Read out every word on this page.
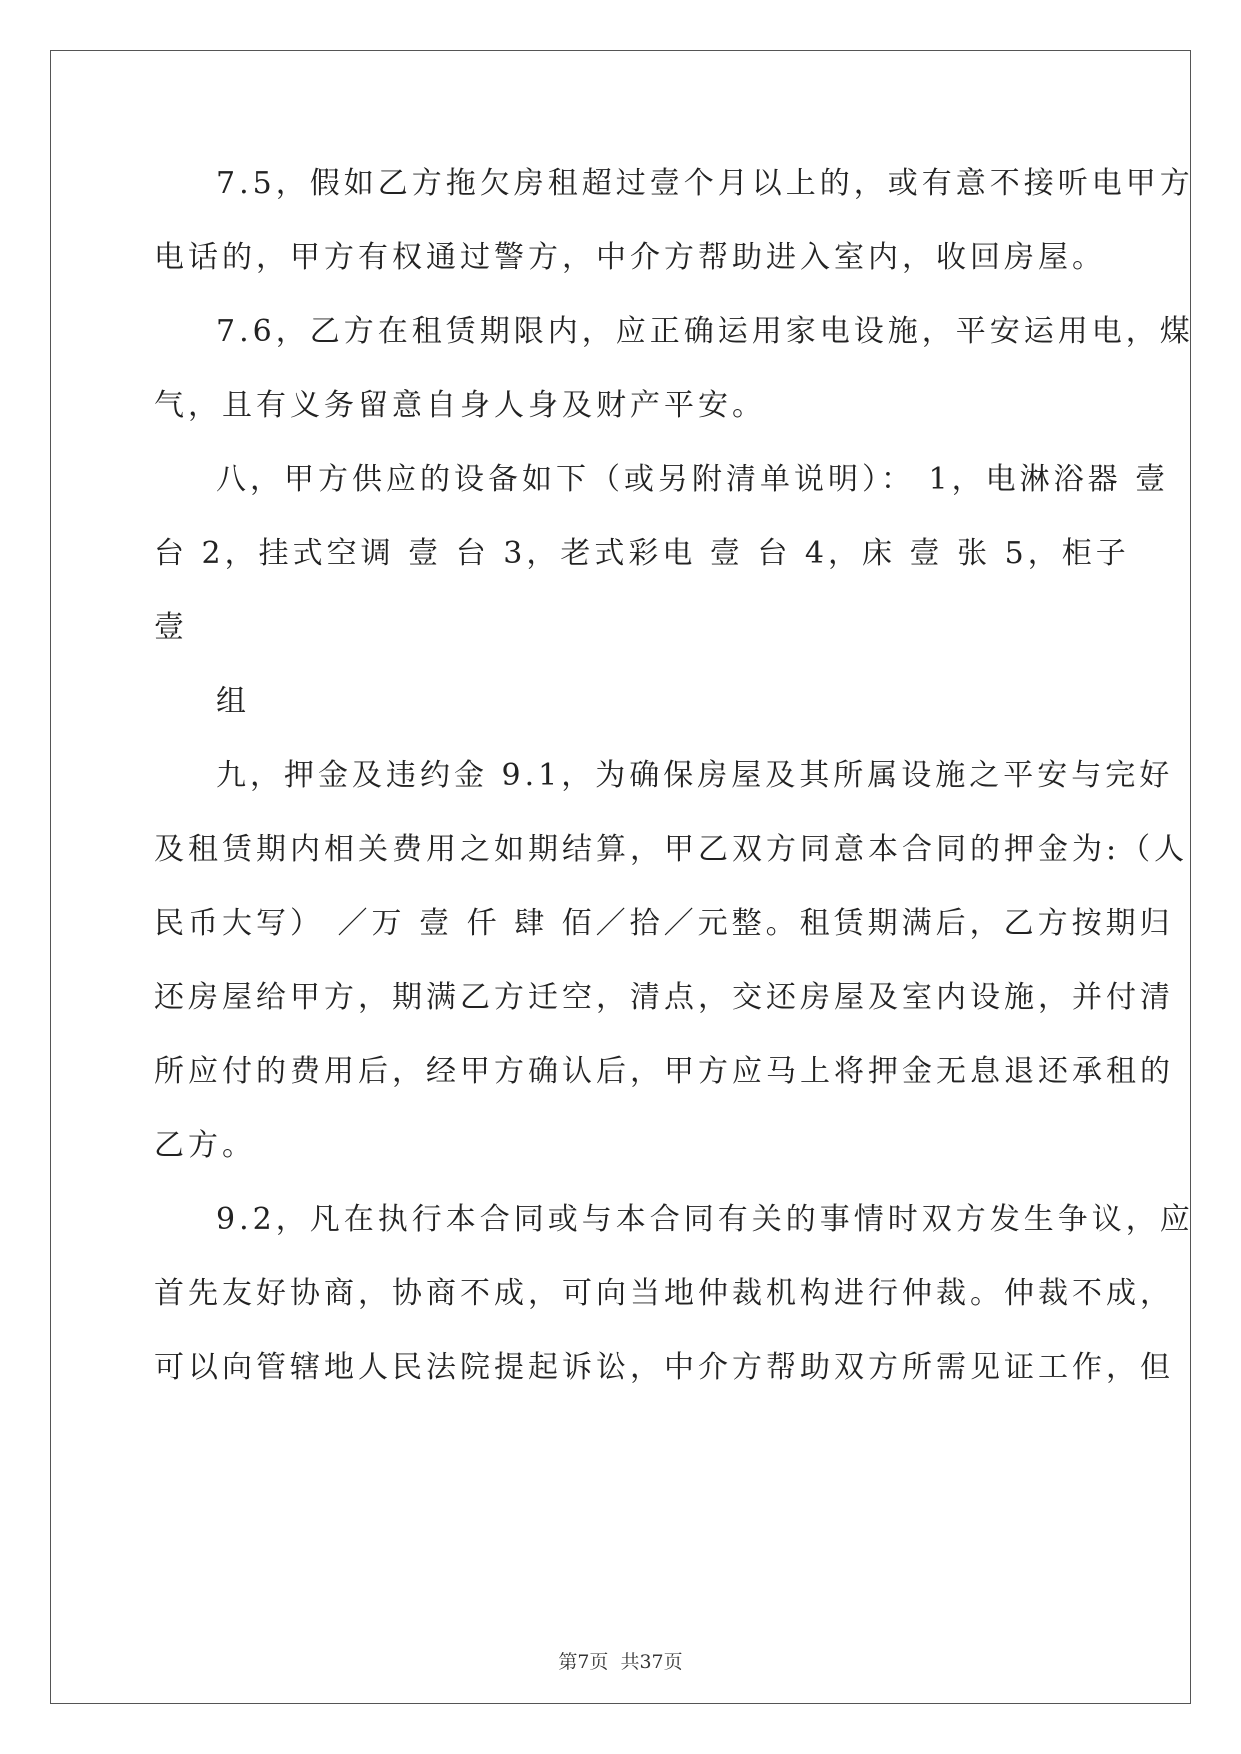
7.5，假如乙方拖欠房租超过壹个月以上的，或有意不接听电甲方
电话的，甲方有权通过警方，中介方帮助进入室内，收回房屋。
7.6，乙方在租赁期限内，应正确运用家电设施，平安运用电，煤
气，且有义务留意自身人身及财产平安。
八，甲方供应的设备如下（或另附清单说明）： 1，电淋浴器 壹
台 2，挂式空调 壹 台 3，老式彩电 壹 台 4，床 壹 张 5，柜子
壹
组
九，押金及违约金 9.1，为确保房屋及其所属设施之平安与完好
及租赁期内相关费用之如期结算，甲乙双方同意本合同的押金为:（人
民币大写） ／万 壹 仟 肆 佰／拾／元整。租赁期满后，乙方按期归
还房屋给甲方，期满乙方迁空，清点，交还房屋及室内设施，并付清
所应付的费用后，经甲方确认后，甲方应马上将押金无息退还承租的
乙方。
9.2，凡在执行本合同或与本合同有关的事情时双方发生争议，应
首先友好协商，协商不成，可向当地仲裁机构进行仲裁。仲裁不成，
可以向管辖地人民法院提起诉讼，中介方帮助双方所需见证工作，但
第7页 共37页
